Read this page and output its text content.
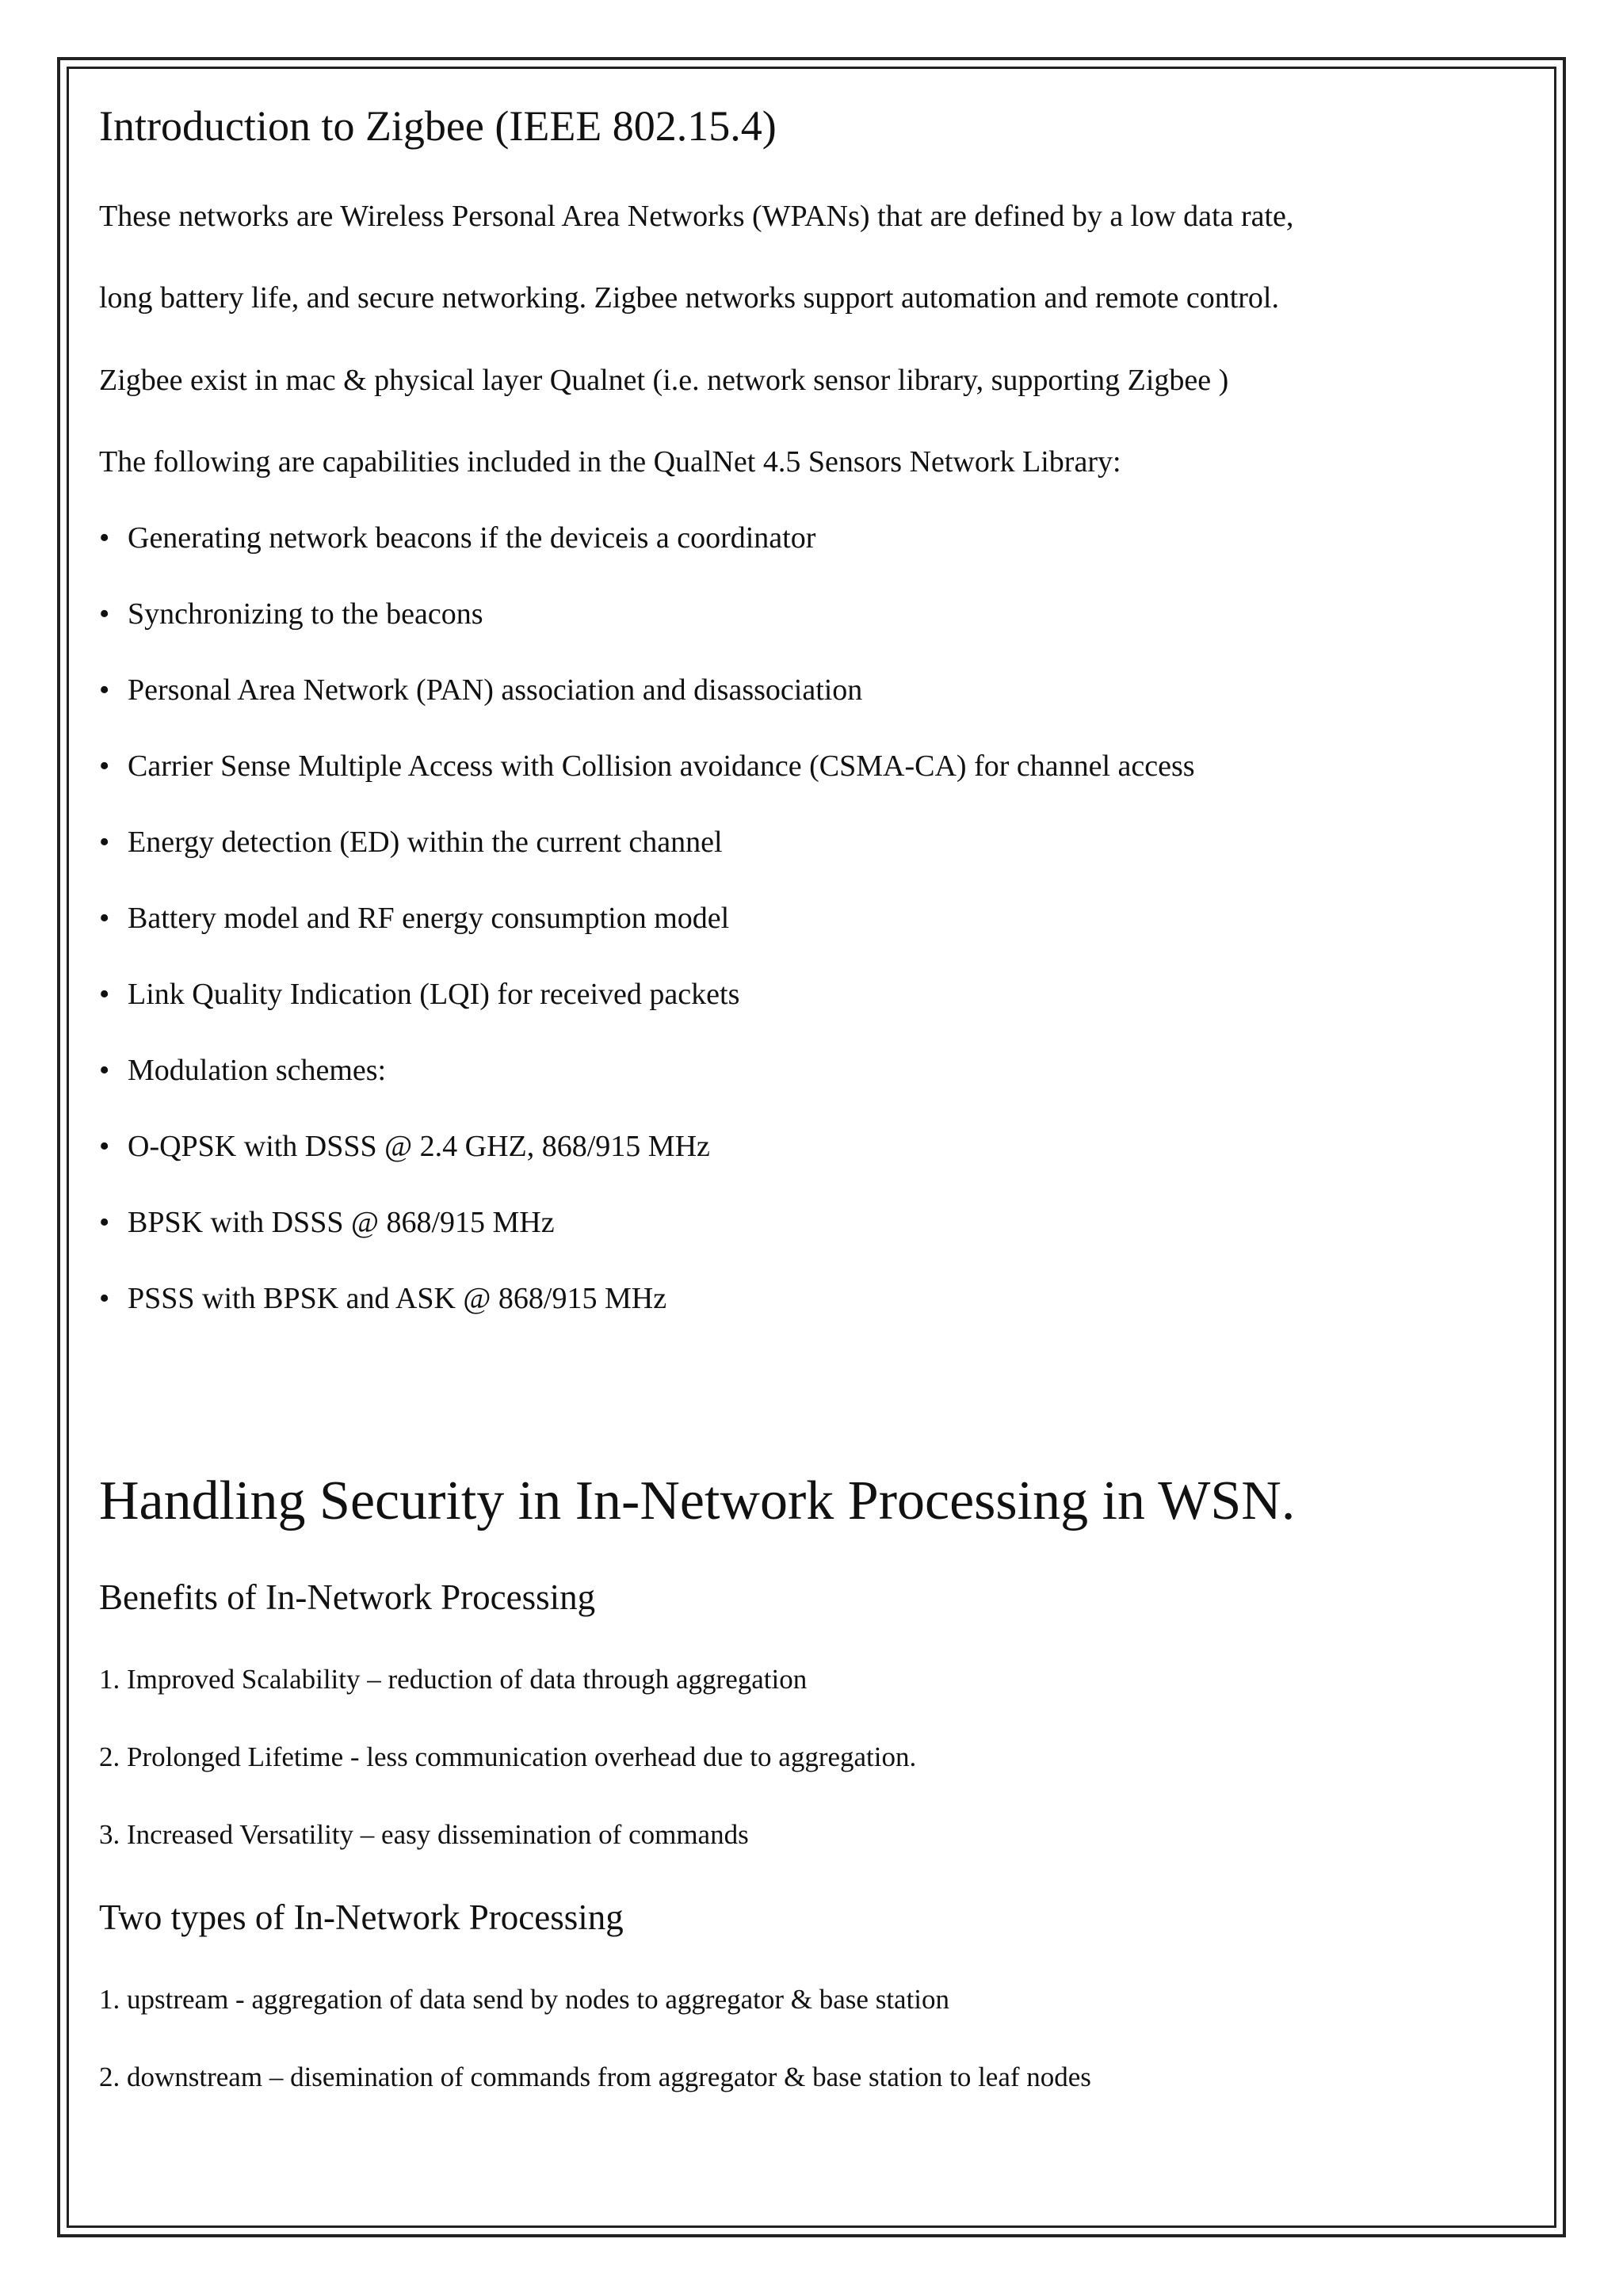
Introduction to Zigbee (IEEE 802.15.4)
These networks are Wireless Personal Area Networks (WPANs) that are defined by a low data rate,
long battery life, and secure networking. Zigbee networks support automation and remote control.
Zigbee exist in mac & physical layer Qualnet (i.e. network sensor library, supporting Zigbee )
The following are capabilities included in the QualNet 4.5 Sensors Network Library:
• Generating network beacons if the deviceis a coordinator
• Synchronizing to the beacons
• Personal Area Network (PAN) association and disassociation
• Carrier Sense Multiple Access with Collision avoidance (CSMA-CA) for channel access
• Energy detection (ED) within the current channel
• Battery model and RF energy consumption model
• Link Quality Indication (LQI) for received packets
• Modulation schemes:
• O-QPSK with DSSS @ 2.4 GHZ, 868/915 MHz
• BPSK with DSSS @ 868/915 MHz
• PSSS with BPSK and ASK @ 868/915 MHz
Handling Security in In-Network Processing in WSN.
Benefits of In-Network Processing
1. Improved Scalability – reduction of data through aggregation
2. Prolonged Lifetime - less communication overhead due to aggregation.
3. Increased Versatility – easy dissemination of commands
Two types of In-Network Processing
1. upstream - aggregation of data send by nodes to aggregator & base station
2. downstream – disemination of commands from aggregator & base station to leaf nodes
